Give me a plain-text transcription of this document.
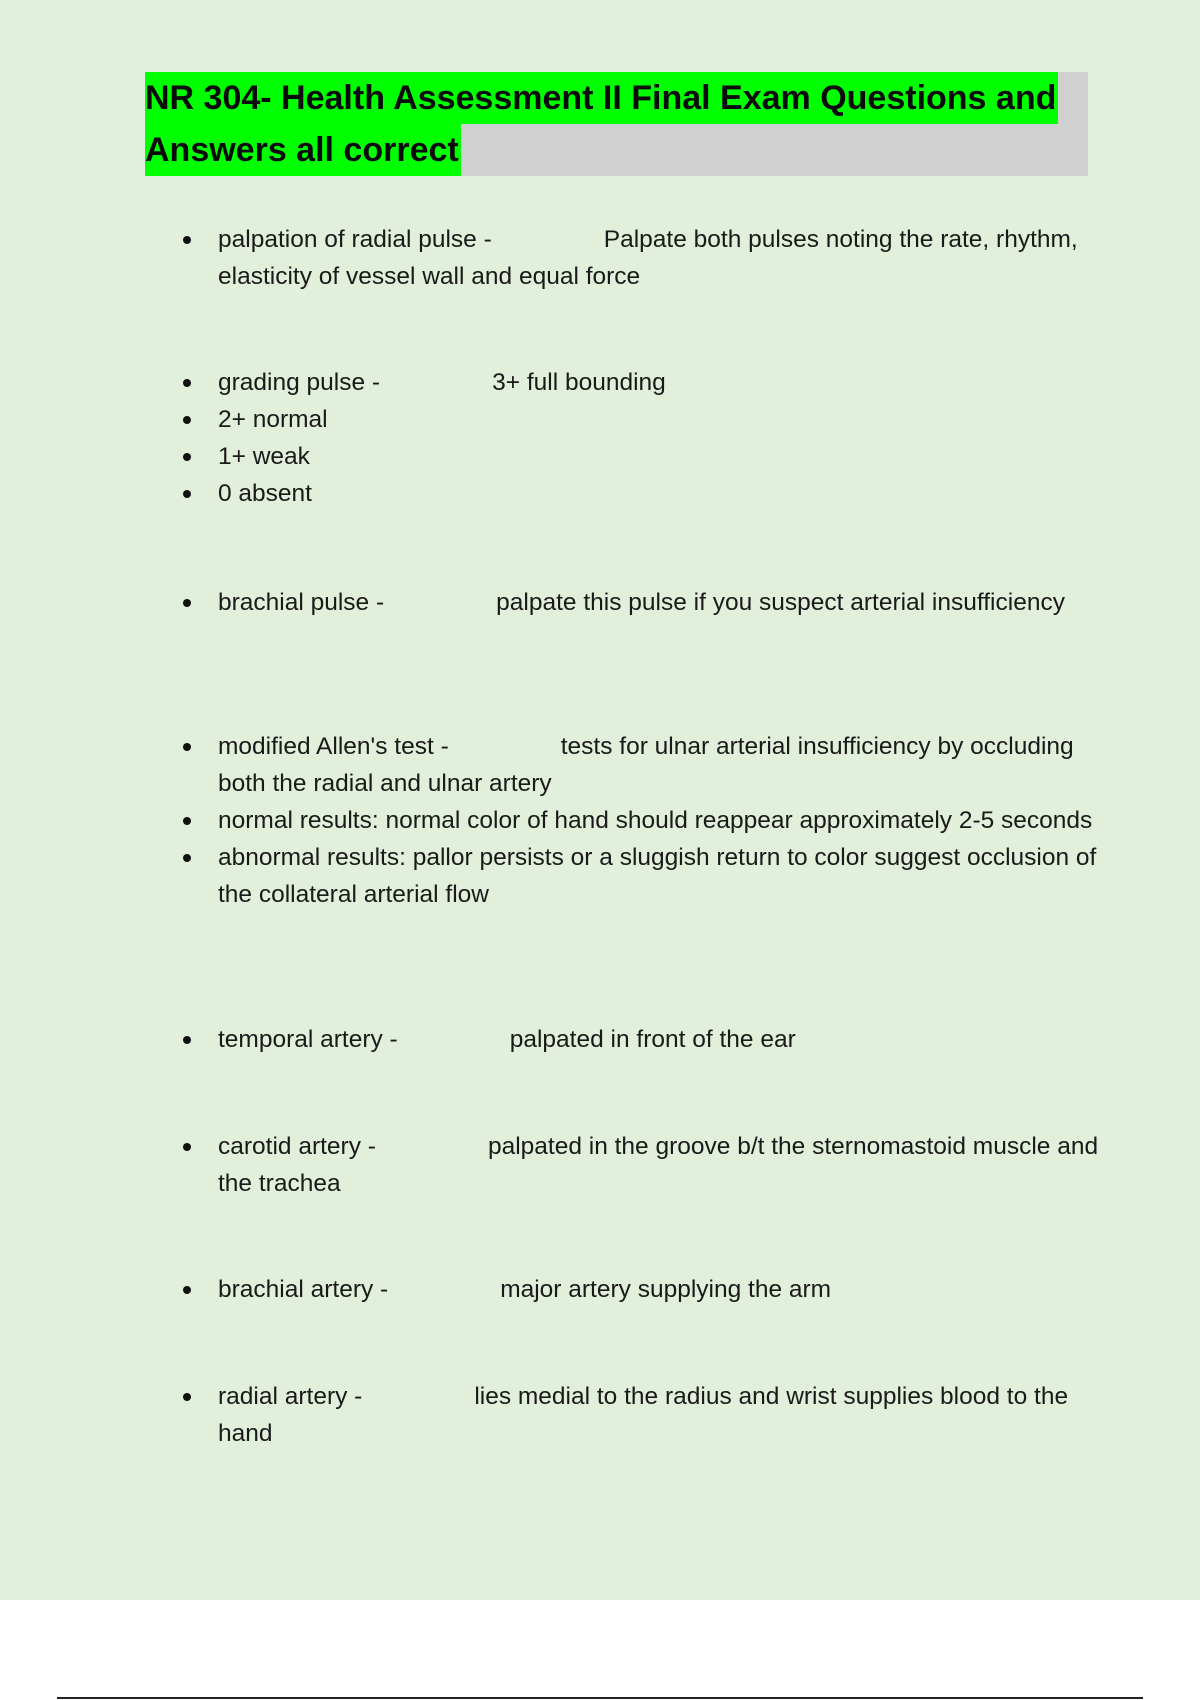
NR 304- Health Assessment II Final Exam Questions and
Answers all correct
palpation of radial pulse -	Palpate both pulses noting the rate, rhythm, elasticity of vessel wall and equal force
grading pulse -	3+ full bounding
2+ normal
1+ weak
0 absent
brachial pulse -	palpate this pulse if you suspect arterial insufficiency
modified Allen's test -	tests for ulnar arterial insufficiency by occluding both the radial and ulnar artery
normal results: normal color of hand should reappear approximately 2-5 seconds
abnormal results: pallor persists or a sluggish return to color suggest occlusion of the collateral arterial flow
temporal artery -	palpated in front of the ear
carotid artery -	palpated in the groove b/t the sternomastoid muscle and the trachea
brachial artery -	major artery supplying the arm
radial artery -	lies medial to the radius and wrist supplies blood to the hand
